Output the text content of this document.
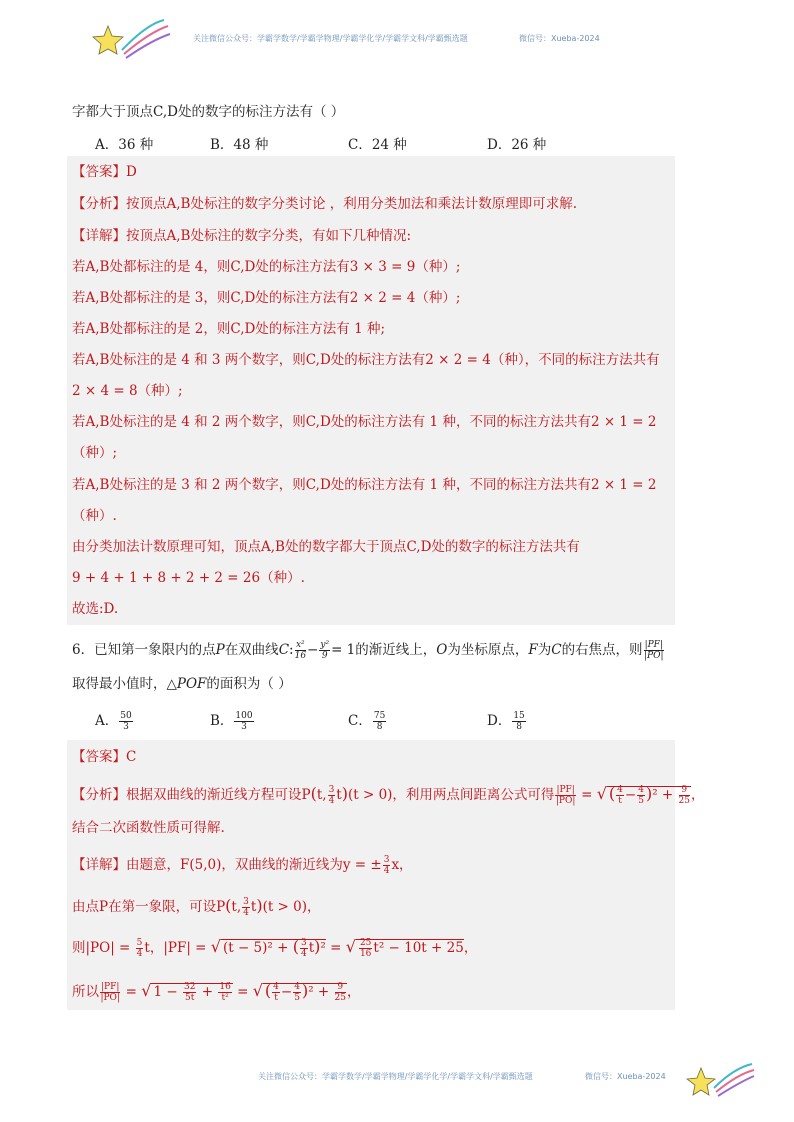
关注微信公众号：学霸学数学/学霸学物理/学霸学化学/学霸学文科/学霸甄选题	微信号：Xueba-2024
字都大于顶点C,D处的数字的标注方法有（ ）
A．36 种	B．48 种	C．24 种	D．26 种
【答案】D
【分析】按顶点A,B处标注的数字分类讨论 ，利用分类加法和乘法计数原理即可求解.
【详解】按顶点A,B处标注的数字分类，有如下几种情况:
若A,B处都标注的是 4，则C,D处的标注方法有3 × 3 = 9（种）;
若A,B处都标注的是 3，则C,D处的标注方法有2 × 2 = 4（种）;
若A,B处都标注的是 2，则C,D处的标注方法有 1 种;
若A,B处标注的是 4 和 3 两个数字，则C,D处的标注方法有2 × 2 = 4（种），不同的标注方法共有
2 × 4 = 8（种）;
若A,B处标注的是 4 和 2 两个数字，则C,D处的标注方法有 1 种，不同的标注方法共有2 × 1 = 2
（种）;
若A,B处标注的是 3 和 2 两个数字，则C,D处的标注方法有 1 种，不同的标注方法共有2 × 1 = 2
（种）.
由分类加法计数原理可知，顶点A,B处的数字都大于顶点C,D处的数字的标注方法共有
9 + 4 + 1 + 8 + 2 + 2 = 26（种）.
故选:D.
6．已知第一象限内的点P在双曲线C: $\frac{\text{x²}}{16} - \frac{\text{y²}}{9} = 1$的渐近线上，O为坐标原点，F为C的右焦点，则 $\frac{|PF|}{|PO|}$
取得最小值时，△POF的面积为（ ）
A． $\frac{50}{3}$	B． $\frac{100}{3}$	C． $\frac{75}{8}$	D． $\frac{15}{8}$
【答案】C
【分析】根据双曲线的渐近线方程可设P(t, $\frac{3}{4} t)(t > 0)$，利用两点间距离公式可得 $\frac{|PF|}{|PO|}$ = √ ( $\frac{4}{t} - \frac{4}{5} )^2 + \frac{9}{25}$ ，
结合二次函数性质可得解.
【详解】由题意，F(5,0)，双曲线的渐近线为y = ± $\frac{3}{4}$ x，
由点P在第一象限，可设P(t, $\frac{3}{4} t)(t > 0)$，
则$|PO| = \frac{5}{4}$ t，|PF| = √ (t − 5)² + ( $\frac{3}{4} t)^2$ = √ $\frac{25}{16} t^2 - 10t + 25$，
所以 $\frac{|PF|}{|PO|}$ = √ $1 - \frac{32}{5t} + \frac{16}{\text{t²}}$ = √ ( $\frac{4}{t} - \frac{4}{5} )^2 + \frac{9}{25}$ ，
关注微信公众号：学霸学数学/学霸学物理/学霸学化学/学霸学文科/学霸甄选题	微信号：Xueba-2024
